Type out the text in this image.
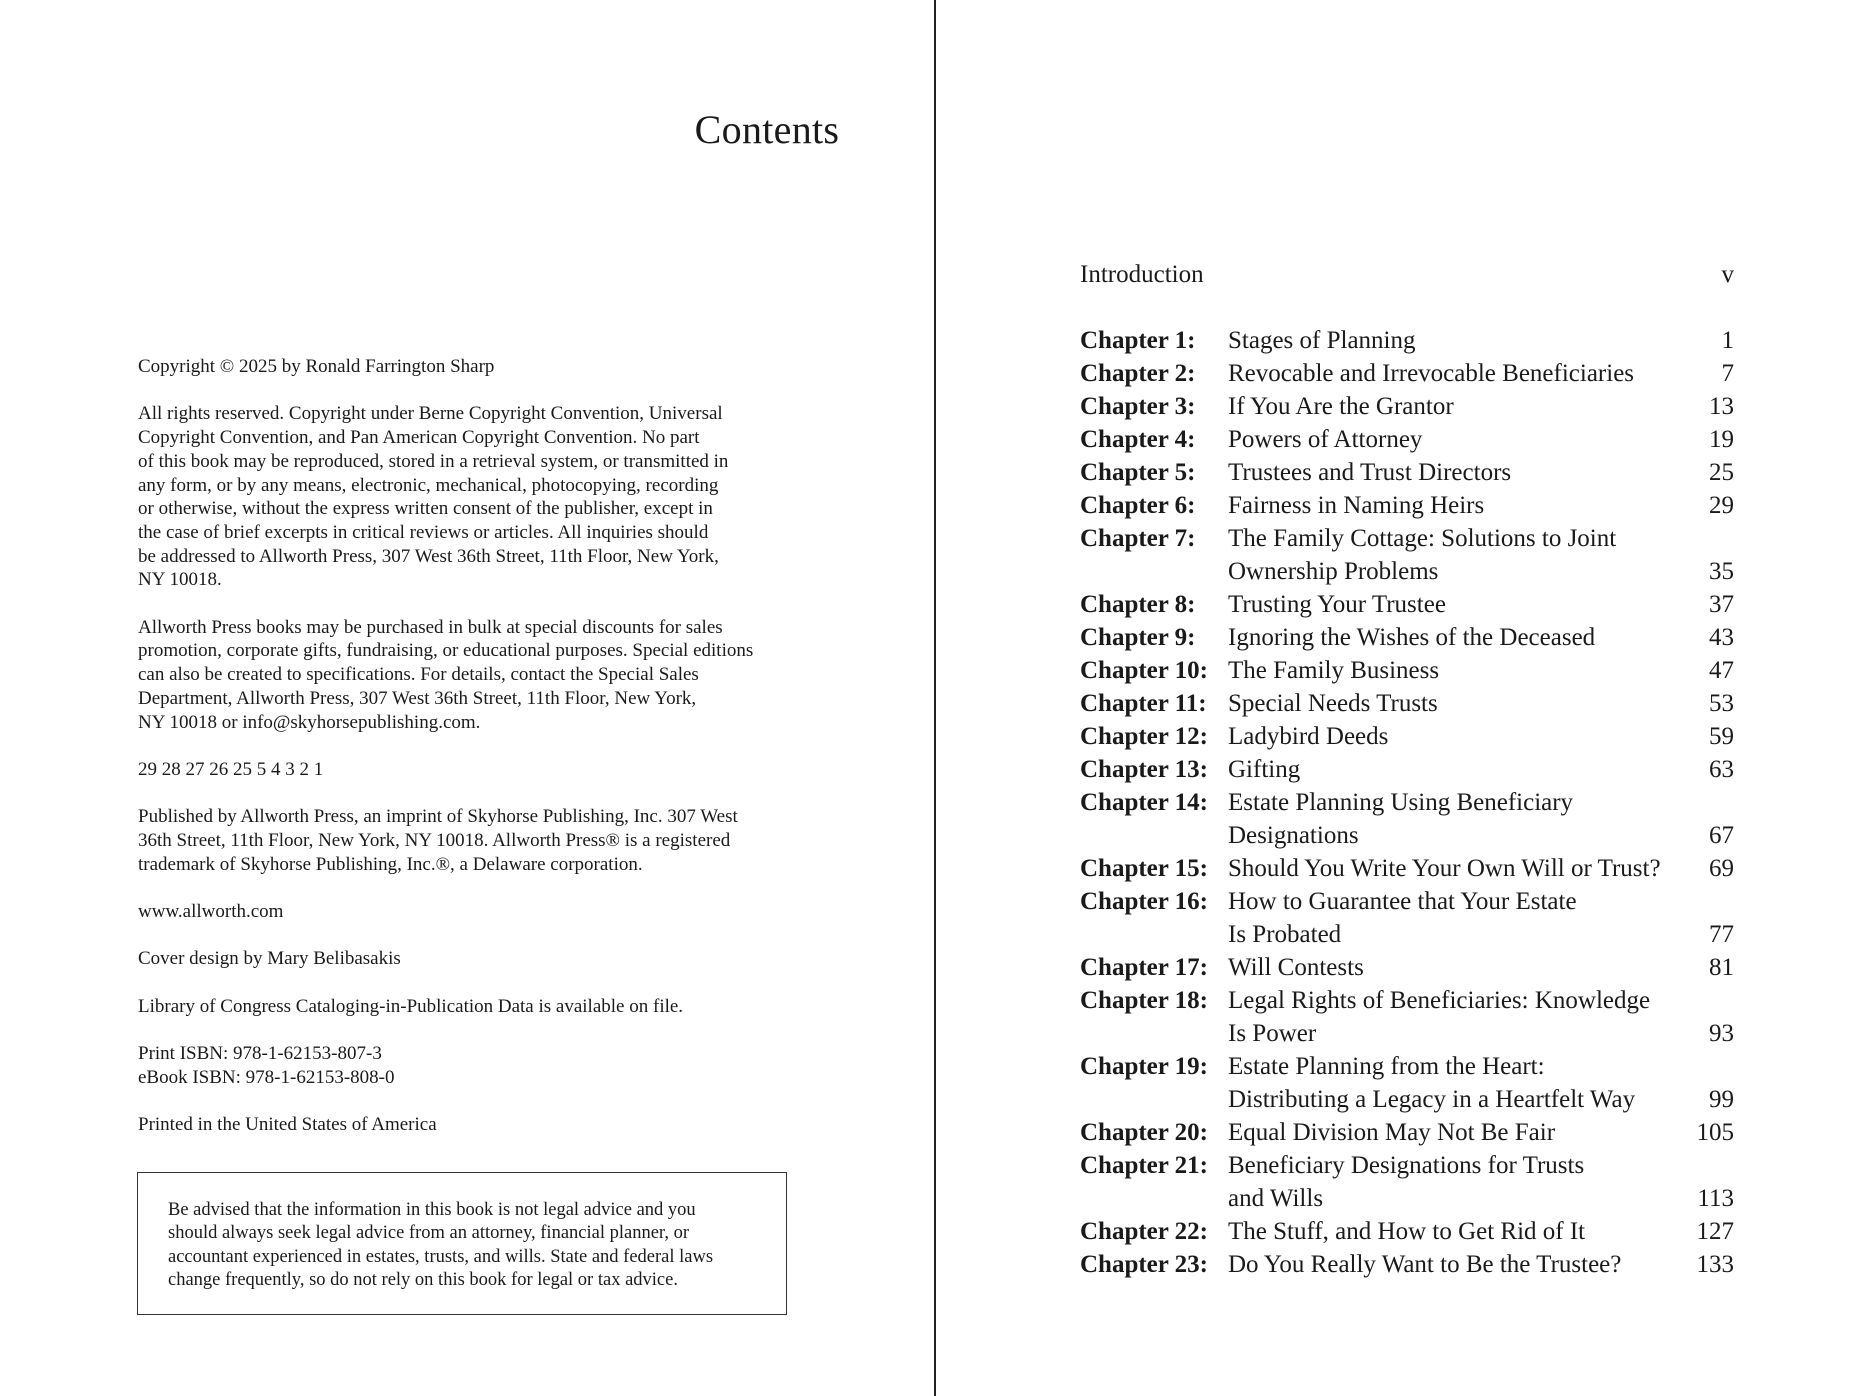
Copyright © 2025 by Ronald Farrington Sharp

All rights reserved. Copyright under Berne Copyright Convention, Universal
Copyright Convention, and Pan American Copyright Convention. No part
of this book may be reproduced, stored in a retrieval system, or transmitted in
any form, or by any means, electronic, mechanical, photocopying, recording
or otherwise, without the express written consent of the publisher, except in
the case of brief excerpts in critical reviews or articles. All inquiries should
be addressed to Allworth Press, 307 West 36th Street, 11th Floor, New York,
NY 10018.

Allworth Press books may be purchased in bulk at special discounts for sales
promotion, corporate gifts, fundraising, or educational purposes. Special editions
can also be created to specifications. For details, contact the Special Sales
Department, Allworth Press, 307 West 36th Street, 11th Floor, New York,
NY 10018 or info@skyhorsepublishing.com.

29 28 27 26 25 5 4 3 2 1

Published by Allworth Press, an imprint of Skyhorse Publishing, Inc. 307 West
36th Street, 11th Floor, New York, NY 10018. Allworth Press® is a registered
trademark of Skyhorse Publishing, Inc.®, a Delaware corporation.

www.allworth.com

Cover design by Mary Belibasakis

Library of Congress Cataloging-in-Publication Data is available on file.

Print ISBN: 978-1-62153-807-3
eBook ISBN: 978-1-62153-808-0

Printed in the United States of America

Be advised that the information in this book is not legal advice and you
should always seek legal advice from an attorney, financial planner, or
accountant experienced in estates, trusts, and wills. State and federal laws
change frequently, so do not rely on this book for legal or tax advice.

Contents
Introduction	v
Chapter 1:	Stages of Planning	1
Chapter 2:	Revocable and Irrevocable Beneficiaries	7
Chapter 3:	If You Are the Grantor	13
Chapter 4:	Powers of Attorney	19
Chapter 5:	Trustees and Trust Directors	25
Chapter 6:	Fairness in Naming Heirs	29
Chapter 7:	The Family Cottage: Solutions to Joint
Ownership Problems	35
Chapter 8:	Trusting Your Trustee	37
Chapter 9:	Ignoring the Wishes of the Deceased	43
Chapter 10: The Family Business	47
Chapter 11: Special Needs Trusts	53
Chapter 12: Ladybird Deeds	59
Chapter 13: Gifting	63
Chapter 14: Estate Planning Using Beneficiary
Designations	67
Chapter 15: Should You Write Your Own Will or Trust?	69
Chapter 16: How to Guarantee that Your Estate
Is Probated	77
Chapter 17: Will Contests	81
Chapter 18: Legal Rights of Beneficiaries: Knowledge
Is Power	93
Chapter 19: Estate Planning from the Heart:
Distributing a Legacy in a Heartfelt Way	99
Chapter 20: Equal Division May Not Be Fair	105
Chapter 21: Beneficiary Designations for Trusts
and Wills	113
Chapter 22: The Stuff, and How to Get Rid of It	127
Chapter 23: Do You Really Want to Be the Trustee?	133
